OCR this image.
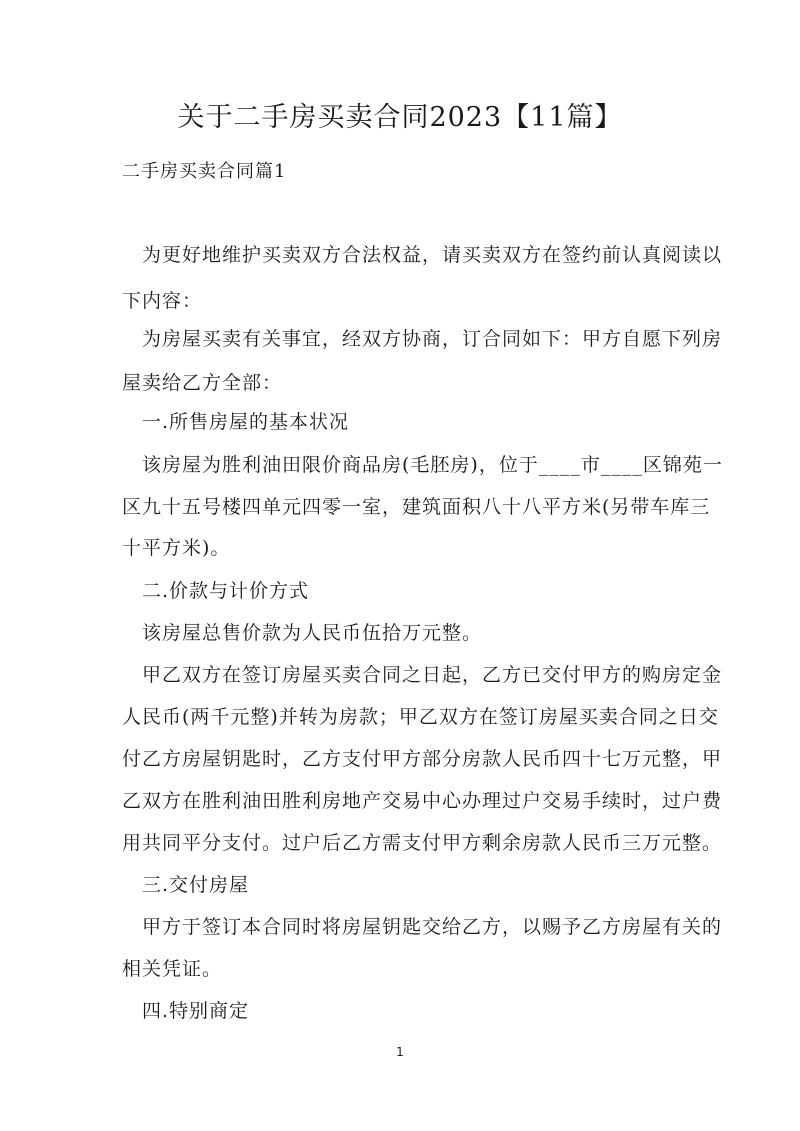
关于二手房买卖合同2023【11篇】
二手房买卖合同篇1
为更好地维护买卖双方合法权益，请买卖双方在签约前认真阅读以
下内容：
为房屋买卖有关事宜，经双方协商，订合同如下：甲方自愿下列房
屋卖给乙方全部：
一.所售房屋的基本状况
该房屋为胜利油田限价商品房(毛胚房)，位于____市____区锦苑一
区九十五号楼四单元四零一室，建筑面积八十八平方米(另带车库三
十平方米)。
二.价款与计价方式
该房屋总售价款为人民币伍拾万元整。
甲乙双方在签订房屋买卖合同之日起，乙方已交付甲方的购房定金
人民币(两千元整)并转为房款；甲乙双方在签订房屋买卖合同之日交
付乙方房屋钥匙时，乙方支付甲方部分房款人民币四十七万元整，甲
乙双方在胜利油田胜利房地产交易中心办理过户交易手续时，过户费
用共同平分支付。过户后乙方需支付甲方剩余房款人民币三万元整。
三.交付房屋
甲方于签订本合同时将房屋钥匙交给乙方，以赐予乙方房屋有关的
相关凭证。
四.特别商定
1
